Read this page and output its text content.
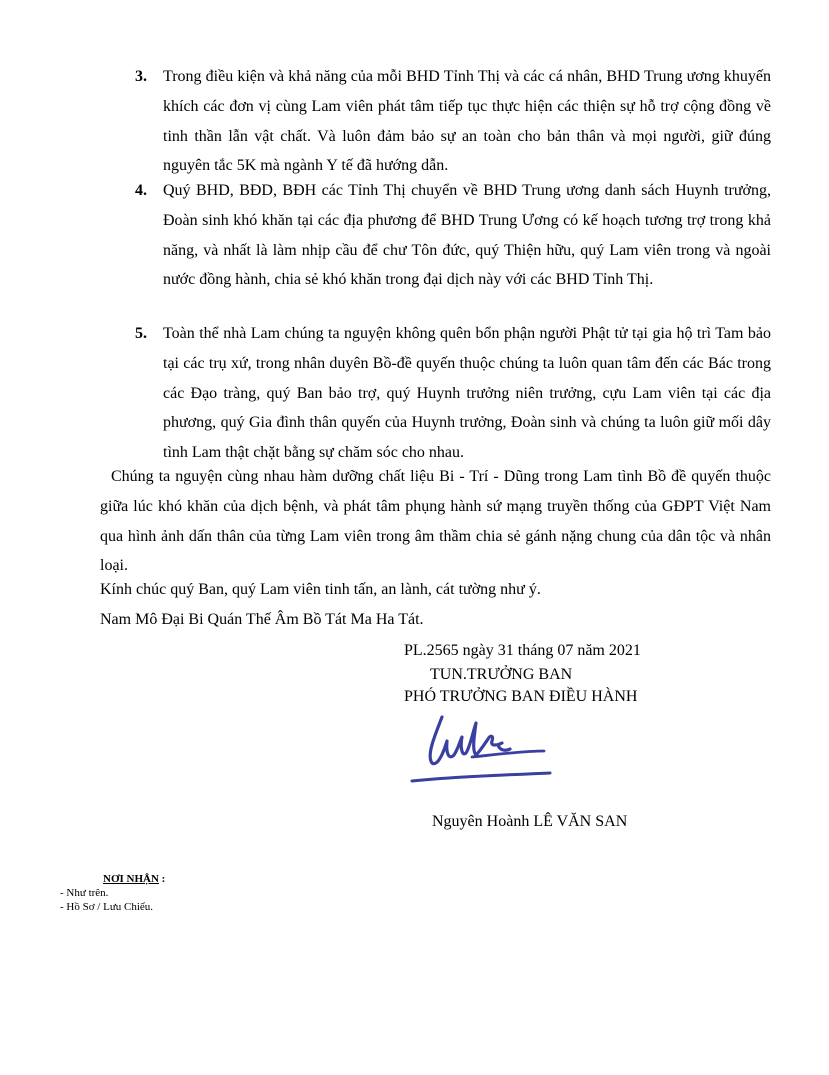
3. Trong điều kiện và khả năng của mỗi BHD Tỉnh Thị và các cá nhân, BHD Trung ương khuyến khích các đơn vị cùng Lam viên phát tâm tiếp tục thực hiện các thiện sự hỗ trợ cộng đồng về tinh thần lẫn vật chất. Và luôn đảm bảo sự an toàn cho bản thân và mọi người, giữ đúng nguyên tắc 5K mà ngành Y tế đã hướng dẫn.
4. Quý BHD, BĐD, BĐH các Tỉnh Thị chuyển về BHD Trung ương danh sách Huynh trưởng, Đoàn sinh khó khăn tại các địa phương để BHD Trung Ương có kế hoạch tương trợ trong khả năng, và nhất là làm nhịp cầu để chư Tôn đức, quý Thiện hữu, quý Lam viên trong và ngoài nước đồng hành, chia sẻ khó khăn trong đại dịch này với các BHD Tỉnh Thị.
5. Toàn thể nhà Lam chúng ta nguyện không quên bổn phận người Phật tử tại gia hộ trì Tam bảo tại các trụ xứ, trong nhân duyên Bồ-đề quyến thuộc chúng ta luôn quan tâm đến các Bác trong các Đạo tràng, quý Ban bảo trợ, quý Huynh trưởng niên trưởng, cựu Lam viên tại các địa phương, quý Gia đình thân quyến của Huynh trưởng, Đoàn sinh và chúng ta luôn giữ mối dây tình Lam thật chặt bằng sự chăm sóc cho nhau.
Chúng ta nguyện cùng nhau hàm dưỡng chất liệu Bi - Trí - Dũng trong Lam tình Bồ đề quyến thuộc giữa lúc khó khăn của dịch bệnh, và phát tâm phụng hành sứ mạng truyền thống của GĐPT Việt Nam qua hình ảnh dấn thân của từng Lam viên trong âm thầm chia sẻ gánh nặng chung của dân tộc và nhân loại.
Kính chúc quý Ban, quý Lam viên tinh tấn, an lành, cát tường như ý.
Nam Mô Đại Bi Quán Thế Âm Bồ Tát Ma Ha Tát.
PL.2565 ngày 31 tháng 07 năm 2021
TUN.TRƯỞNG BAN
PHÓ TRƯỞNG BAN ĐIỀU HÀNH
Nguyên Hoành LÊ VĂN SAN
NƠI NHẬN :
- Như trên.
- Hồ Sơ / Lưu Chiểu.
